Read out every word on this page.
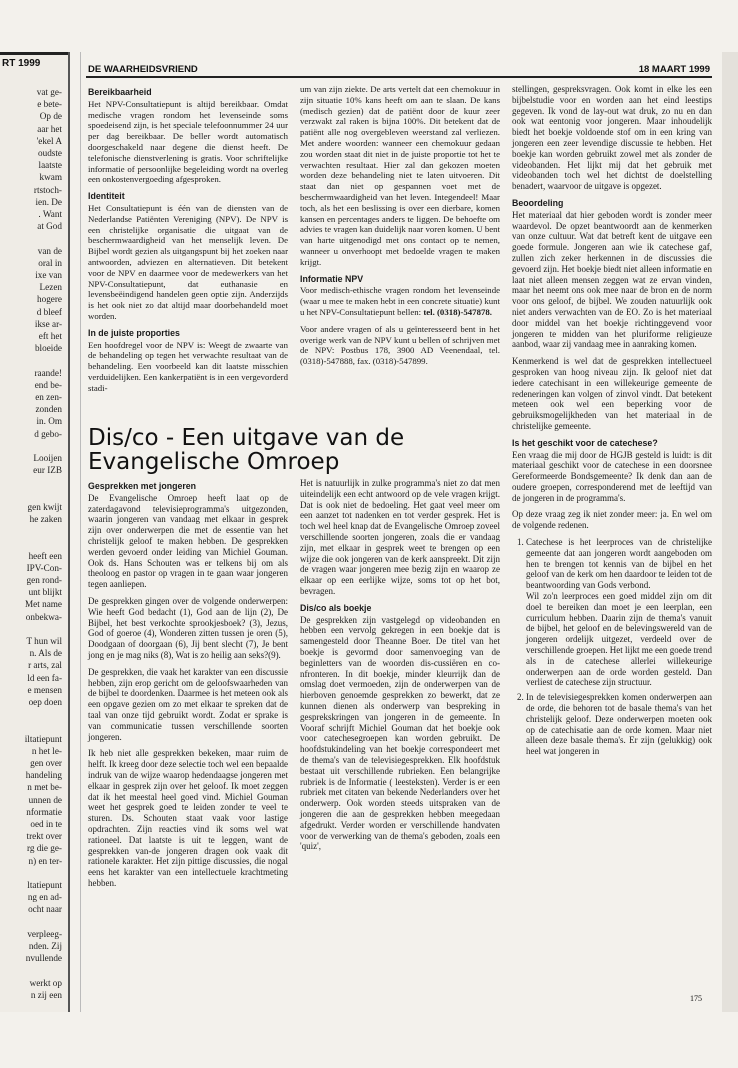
vat ge-
e bete-
Op de
aar het
'ekel A
oudste
laatste
kwam
rtstoch-
ien. De
. Want
at God
van de
oral in
ixe van
Lezen
hogere
d bleef
ikse ar-
eft het
bloeide
raande!
end be-
en zen-
zonden
in. Om
d gebo-
Looijen
eur IZB
gen kwijt
he zaken
heeft een
IPV-Con-
gen rond-
unt blijkt
Met name
onbekwa-
T hun wil
n. Als de
r arts, zal
ld een fa-
e mensen
oep doen
iltatiepunt
n het le-
gen over
handeling
n met be-
unnen de
nformatie
oed in te
trekt over
rg die ge-
n) en ter-
ltatiepunt
ng en ad-
ocht naar
verpleeg-
nden. Zij
nvullende
werkt op
n zij een
RT 1999
DE WAARHEIDSVRIEND	18 MAART 1999
Bereikbaarheid

Het NPV-Consultatiepunt is altijd bereikbaar. Omdat medische vragen rondom het levenseinde soms spoedeisend zijn, is het speciale telefoonnummer 24 uur per dag bereikbaar. De beller wordt automatisch doorgeschakeld naar degene die dienst heeft. De telefonische dienstverlening is gratis. Voor schriftelijke informatie of persoonlijke begeleiding wordt na overleg een onkostenvergoeding afgesproken.

Identiteit

Het Consultatiepunt is één van de diensten van de Nederlandse Patiënten Vereniging (NPV). De NPV is een christelijke organisatie die uitgaat van de beschermwaardigheid van het menselijk leven. De Bijbel wordt gezien als uitgangspunt bij het zoeken naar antwoorden, adviezen en alternatieven. Dit betekent voor de NPV en daarmee voor de medewerkers van het NPV-Consultatiepunt, dat euthanasie en levensbeëindigend handelen geen optie zijn. Anderzijds is het ook niet zo dat altijd maar doorbehandeld moet worden.

In de juiste proporties

Een hoofdregel voor de NPV is: Weegt de zwaarte van de behandeling op tegen het verwachte resultaat van de behandeling. Een voorbeeld kan dit laatste misschien verduidelijken. Een kankerpatiënt is in een vergevorderd stadi-

um van zijn ziekte. De arts vertelt dat een chemokuur in zijn situatie 10% kans heeft om aan te slaan. De kans (medisch gezien) dat de patiënt door de kuur zeer verzwakt zal raken is bijna 100%. Dit betekent dat de patiënt alle nog overgebleven weerstand zal verliezen. Met andere woorden: wanneer een chemokuur gedaan zou worden staat dit niet in de juiste proportie tot het te verwachten resultaat. Hier zal dan gekozen moeten worden deze behandeling niet te laten uitvoeren. Dit staat dan niet op gespannen voet met de beschermwaardigheid van het leven. Integendeel! Maar toch, als het een beslissing is over een dierbare, komen kansen en percentages anders te liggen. De behoefte om advies te vragen kan duidelijk naar voren komen. U bent van harte uitgenodigd met ons contact op te nemen, wanneer u onverhoopt met bedoelde vragen te maken krijgt.

Informatie NPV

Voor medisch-ethische vragen rondom het levenseinde (waar u mee te maken hebt in een concrete situatie) kunt u het NPV-Consultatiepunt bellen: tel. (0318)-547878.

Voor andere vragen of als u geïnteresseerd bent in het overige werk van de NPV kunt u bellen of schrijven met de NPV: Postbus 178, 3900 AD Veenendaal, tel. (0318)-547888, fax. (0318)-547899.

Dis/co - Een uitgave van de Evangelische Omroep
Gesprekken met jongeren

De Evangelische Omroep heeft laat op de zaterdagavond televisieprogramma's uitgezonden, waarin jongeren van vandaag met elkaar in gesprek zijn over onderwerpen die met de essentie van het christelijk geloof te maken hebben. De gesprekken werden gevoerd onder leiding van Michiel Gouman. Ook ds. Hans Schouten was er telkens bij om als theoloog en pastor op vragen in te gaan waar jongeren tegen aanliepen.

De gesprekken gingen over de volgende onderwerpen: Wie heeft God bedacht (1), God aan de lijn (2), De Bijbel, het best verkochte sprookjesboek? (3), Jezus, God of goeroe (4), Wonderen zitten tussen je oren (5), Doodgaan of doorgaan (6), Jij bent slecht (7), Je bent jong en je mag niks (8), Wat is zo heilig aan seks?(9).

De gesprekken, die vaak het karakter van een discussie hebben, zijn erop gericht om de geloofswaarheden van de bijbel te doordenken. Daarmee is het meteen ook als een opgave gezien om zo met elkaar te spreken dat de taal van onze tijd gebruikt wordt. Zodat er sprake is van communicatie tussen verschillende soorten jongeren.

Ik heb niet alle gesprekken bekeken, maar ruim de helft. Ik kreeg door deze selectie toch wel een bepaalde indruk van de wijze waarop hedendaagse jongeren met elkaar in gesprek zijn over het geloof. Ik moet zeggen dat ik het meestal heel goed vind. Michiel Gouman weet het gesprek goed te leiden zonder te veel te sturen. Ds. Schouten staat vaak voor lastige opdrachten. Zijn reacties vind ik soms wel wat rationeel. Dat laatste is uit te leggen, want de gesprekken van-de jongeren dragen ook vaak dit rationele karakter. Het zijn pittige discussies, die nogal eens het karakter van een intellectuele krachtmeting hebben.

Het is natuurlijk in zulke programma's niet zo dat men uiteindelijk een echt antwoord op de vele vragen krijgt. Dat is ook niet de bedoeling. Het gaat veel meer om een aanzet tot nadenken en tot verder gesprek. Het is toch wel heel knap dat de Evangelische Omroep zoveel verschillende soorten jongeren, zoals die er vandaag zijn, met elkaar in gesprek weet te brengen op een wijze die ook jongeren van de kerk aanspreekt. Dit zijn de vragen waar jongeren mee bezig zijn en waarop ze elkaar op een eerlijke wijze, soms tot op het bot, bevragen.

Dis/co als boekje

De gesprekken zijn vastgelegd op videobanden en hebben een vervolg gekregen in een boekje dat is samengesteld door Theanne Boer. De titel van het boekje is gevormd door samenvoeging van de beginletters van de woorden dis-cussiëren en co-nfronteren. In dit boekje, minder kleurrijk dan de omslag doet vermoeden, zijn de onderwerpen van de hierboven genoemde gesprekken zo bewerkt, dat ze kunnen dienen als onderwerp van bespreking in gesprekskringen van jongeren in de gemeente. In Vooraf schrijft Michiel Gouman dat het boekje ook voor catechesegroepen kan worden gebruikt. De hoofdstukindeling van het boekje correspondeert met de thema's van de televisiegesprekken. Elk hoofdstuk bestaat uit verschillende rubrieken. Een belangrijke rubriek is de Informatie ( leesteksten). Verder is er een rubriek met citaten van bekende Nederlanders over het onderwerp. Ook worden steeds uitspraken van de jongeren die aan de gesprekken hebben meegedaan afgedrukt. Verder worden er verschillende handvaten voor de verwerking van de thema's geboden, zoals een 'quiz',

stellingen, gespreksvragen. Ook komt in elke les een bijbelstudie voor en worden aan het eind leestips gegeven. Ik vond de lay-out wat druk, zo nu en dan ook wat eentonig voor jongeren. Maar inhoudelijk biedt het boekje voldoende stof om in een kring van jongeren een zeer levendige discussie te hebben. Het boekje kan worden gebruikt zowel met als zonder de videobanden. Het lijkt mij dat het gebruik met videobanden toch wel het dichtst de doelstelling benadert, waarvoor de uitgave is opgezet.

Beoordeling

Het materiaal dat hier geboden wordt is zonder meer waardevol. De opzet beantwoordt aan de kenmerken van onze cultuur. Wat dat betreft kent de uitgave een goede formule. Jongeren aan wie ik catechese gaf, zullen zich zeker herkennen in de discussies die gevoerd zijn. Het boekje biedt niet alleen informatie en laat niet alleen mensen zeggen wat ze ervan vinden, maar het neemt ons ook mee naar de bron en de norm voor ons geloof, de bijbel. We zouden natuurlijk ook niet anders verwachten van de EO. Zo is het materiaal door middel van het boekje richtinggevend voor jongeren te midden van het pluriforme religieuze aanbod, waar zij vandaag mee in aanraking komen.

Kenmerkend is wel dat de gesprekken intellectueel gesproken van hoog niveau zijn. Ik geloof niet dat iedere catechisant in een willekeurige gemeente de redeneringen kan volgen of zinvol vindt. Dat betekent meteen ook wel een beperking voor de gebruiksmogelijkheden van het materiaal in de christelijke gemeente.

Is het geschikt voor de catechese?

Een vraag die mij door de HGJB gesteld is luidt: is dit materiaal geschikt voor de catechese in een doorsnee Gereformeerde Bondsgemeente? Ik denk dan aan de oudere groepen, corresponderend met de leeftijd van de jongeren in de programma's.

Op deze vraag zeg ik niet zonder meer: ja. En wel om de volgende redenen.

1. Catechese is het leerproces van de christelijke gemeente dat aan jongeren wordt aangeboden om hen te brengen tot kennis van de bijbel en het geloof van de kerk om hen daardoor te leiden tot de beantwoording van Gods verbond.
Wil zo'n leerproces een goed middel zijn om dit doel te bereiken dan moet je een leerplan, een curriculum hebben. Daarin zijn de thema's vanuit de bijbel, het geloof en de belevingswereld van de jongeren ordelijk uitgezet, verdeeld over de verschillende groepen. Het lijkt me een goede trend als in de catechese allerlei willekeurige onderwerpen aan de orde worden gesteld. Dan verliest de catechese zijn structuur.
2. In de televisiegesprekken komen onderwerpen aan de orde, die behoren tot de basale thema's van het christelijk geloof. Deze onderwerpen moeten ook op de catechisatie aan de orde komen. Maar niet alleen deze basale thema's. Er zijn (gelukkig) ook heel wat jongeren in
175
